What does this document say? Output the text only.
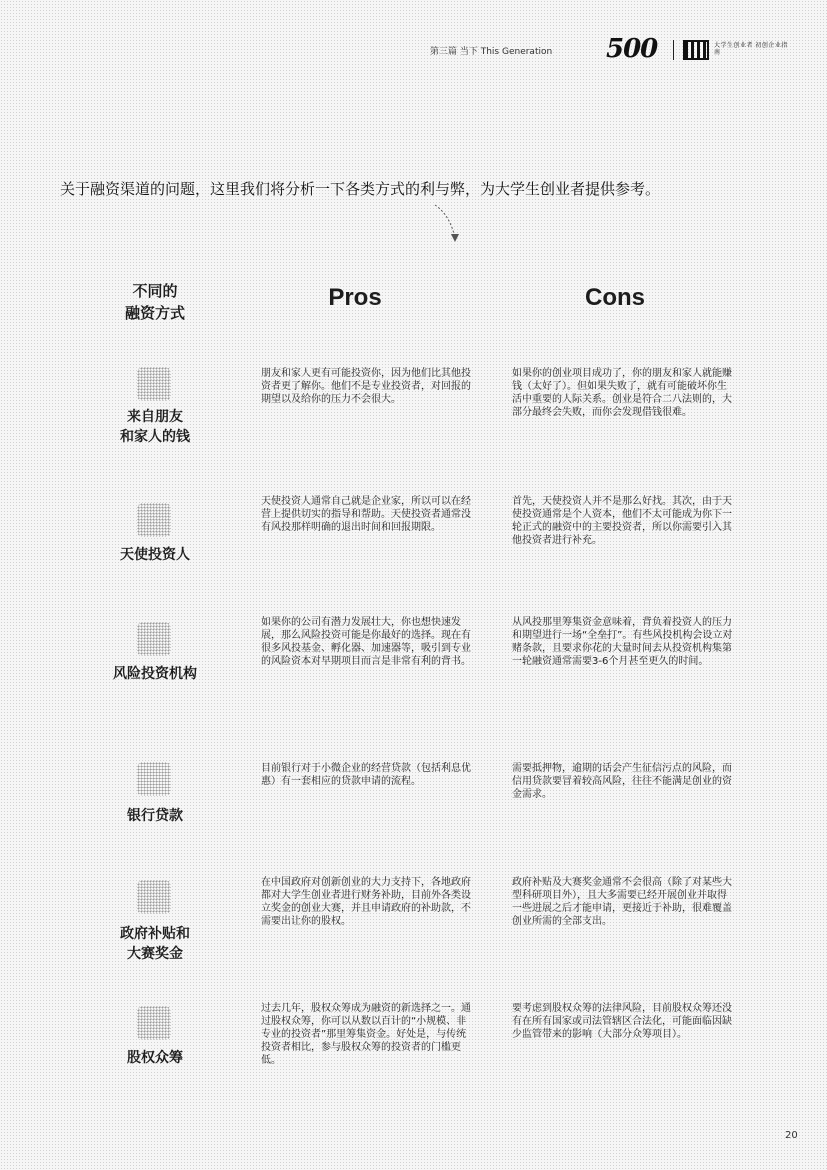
第三篇 当下 This Generation 500	大学生创业者 初创企业指南
关于融资渠道的问题，这里我们将分析一下各类方式的利与弊，为大学生创业者提供参考。
不同的
融资方式
Pros	Cons
来自朋友
和家人的钱
朋友和家人更有可能投资你，因为他们比其他投资者更了解你。他们不是专业投资者，对回报的期望以及给你的压力不会很大。
如果你的创业项目成功了，你的朋友和家人就能赚钱（太好了）。但如果失败了，就有可能破坏你生活中重要的人际关系。创业是符合二八法则的，大部分最终会失败，而你会发现借钱很难。
天使投资人
天使投资人通常自己就是企业家，所以可以在经营上提供切实的指导和帮助。天使投资者通常没有风投那样明确的退出时间和回报期限。
首先，天使投资人并不是那么好找。其次，由于天使投资通常是个人资本，他们不太可能成为你下一轮正式的融资中的主要投资者，所以你需要引入其他投资者进行补充。
风险投资机构
如果你的公司有潜力发展壮大，你也想快速发展，那么风险投资可能是你最好的选择。现在有很多风投基金、孵化器、加速器等，吸引到专业的风险资本对早期项目而言是非常有利的背书。
从风投那里筹集资金意味着，背负着投资人的压力和期望进行一场“全垒打”。有些风投机构会设立对赌条款，且要求你花的大量时间去从投资机构集第一轮融资通常需要3-6个月甚至更久的时间。
银行贷款
目前银行对于小微企业的经营贷款（包括利息优惠）有一套相应的贷款申请的流程。
需要抵押物，逾期的话会产生征信污点的风险，而信用贷款要冒着较高风险，往往不能满足创业的资金需求。
政府补贴和
大赛奖金
在中国政府对创新创业的大力支持下，各地政府都对大学生创业者进行财务补助，目前外各类设立奖金的创业大赛，并且申请政府的补助款，不需要出让你的股权。
政府补贴及大赛奖金通常不会很高（除了对某些大型科研项目外），且大多需要已经开展创业并取得一些进展之后才能申请，更接近于补助，很难覆盖创业所需的全部支出。
股权众筹
过去几年，股权众筹成为融资的新选择之一。通过股权众筹，你可以从数以百计的“小规模、非专业的投资者”那里筹集资金。好处是，与传统投资者相比，参与股权众筹的投资者的门槛更低。
要考虑到股权众筹的法律风险，目前股权众筹还没有在所有国家或司法管辖区合法化，可能面临因缺少监管带来的影响（大部分众筹项目）。
20
